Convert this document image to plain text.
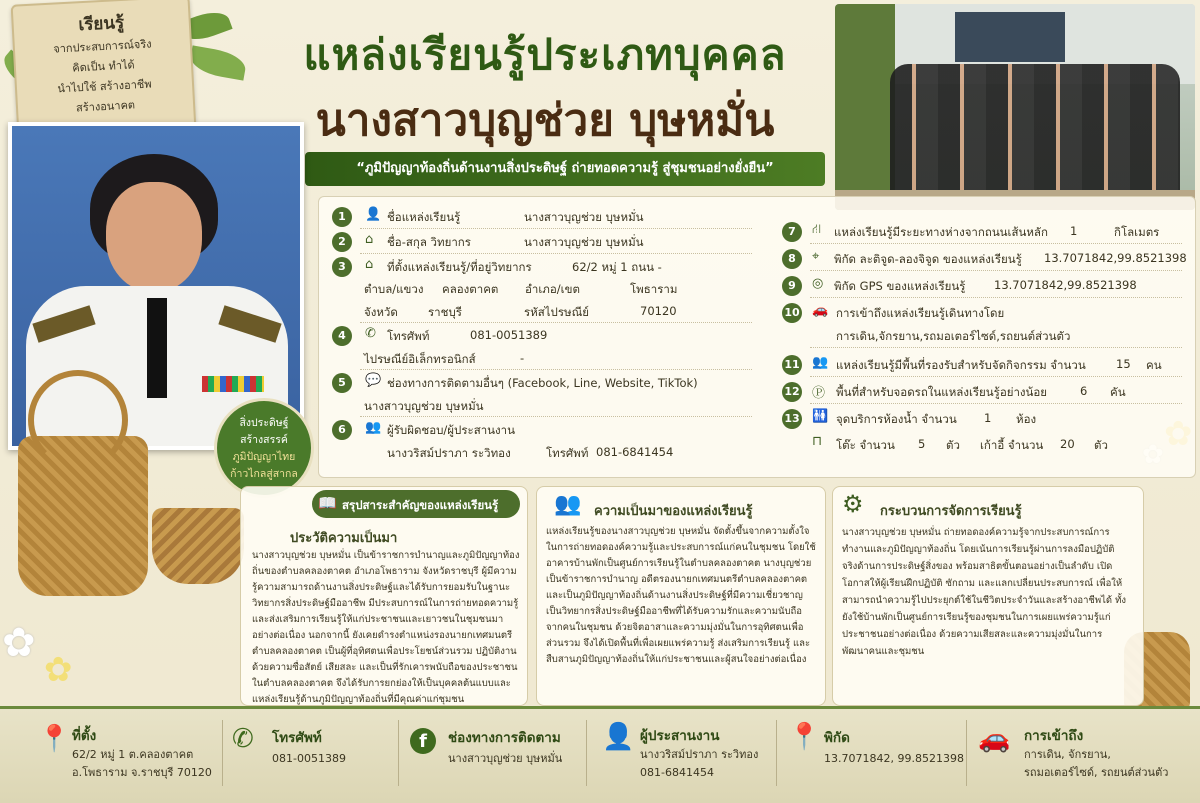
เรียนรู้
จากประสบการณ์จริง
คิดเป็น ทำได้
นำไปใช้ สร้างอาชีพ
สร้างอนาคต
แหล่งเรียนรู้ประเภทบุคคล
นางสาวบุญช่วย บุษหมั่น
“ภูมิปัญญาท้องถิ่นด้านงานสิ่งประดิษฐ์ ถ่ายทอดความรู้ สู่ชุมชนอย่างยั่งยืน”
✿
✿
สิ่งประดิษฐ์
สร้างสรรค์
ภูมิปัญญาไทย
ก้าวไกลสู่สากล
1	👤 ชื่อแหล่งเรียนรู้	นางสาวบุญช่วย บุษหมั่น
2	⌂ ชื่อ-สกุล วิทยากร	นางสาวบุญช่วย บุษหมั่น
3	⌂ ที่ตั้งแหล่งเรียนรู้/ที่อยู่วิทยากร	62/2 หมู่ 1 ถนน -
ตำบล/แขวง คลองตาคต อำเภอ/เขต	โพธาราม
จังหวัด	ราชบุรี	รหัสไปรษณีย์	70120
4	✆ โทรศัพท์	081-0051389
ไปรษณีย์อิเล็กทรอนิกส์	-
5	💬 ช่องทางการติดตามอื่นๆ (Facebook, Line, Website, TikTok)
นางสาวบุญช่วย บุษหมั่น
6	👥 ผู้รับผิดชอบ/ผู้ประสานงาน
นางวริสม์ปราภา ระวิทอง	โทรศัพท์ 081-6841454
7	⛙ แหล่งเรียนรู้มีระยะทางห่างจากถนนเส้นหลัก 1	กิโลเมตร
8	⌖ พิกัด ละติจูด-ลองจิจูด ของแหล่งเรียนรู้ 13.7071842,99.8521398
9	◎ พิกัด GPS ของแหล่งเรียนรู้ 13.7071842,99.8521398
10 🚗 การเข้าถึงแหล่งเรียนรู้เดินทางโดย
การเดิน,จักรยาน,รถมอเตอร์ไซด์,รถยนต์ส่วนตัว
11 👥 แหล่งเรียนรู้มีพื้นที่รองรับสำหรับจัดกิจกรรม จำนวน	15 คน
12 Ⓟ พื้นที่สำหรับจอดรถในแหล่งเรียนรู้อย่างน้อย	6 คัน
13 🚻 จุดบริการห้องน้ำ จำนวน 1 ห้อง
⊓ โต๊ะ จำนวน 5 ตัว เก้าอี้ จำนวน 20 ตัว
📖 สรุปสาระสำคัญของแหล่งเรียนรู้
ประวัติความเป็นมา
นางสาวบุญช่วย บุษหมั่น เป็นข้าราชการบำนาญและภูมิปัญญาท้องถิ่นของตำบลคลองตาคต อำเภอโพธาราม จังหวัดราชบุรี ผู้มีความรู้ความสามารถด้านงานสิ่งประดิษฐ์และได้รับการยอมรับในฐานะวิทยากรสิ่งประดิษฐ์มืออาชีพ มีประสบการณ์ในการถ่ายทอดความรู้และส่งเสริมการเรียนรู้ให้แก่ประชาชนและเยาวชนในชุมชนมาอย่างต่อเนื่อง นอกจากนี้ ยังเคยดำรงตำแหน่งรองนายกเทศมนตรีตำบลคลองตาคต เป็นผู้ที่อุทิศตนเพื่อประโยชน์ส่วนรวม ปฏิบัติงานด้วยความซื่อสัตย์ เสียสละ และเป็นที่รักเคารพนับถือของประชาชนในตำบลคลองตาคต จึงได้รับการยกย่องให้เป็นบุคคลต้นแบบและแหล่งเรียนรู้ด้านภูมิปัญญาท้องถิ่นที่มีคุณค่าแก่ชุมชน
👥 ความเป็นมาของแหล่งเรียนรู้
แหล่งเรียนรู้ของนางสาวบุญช่วย บุษหมั่น จัดตั้งขึ้นจากความตั้งใจในการถ่ายทอดองค์ความรู้และประสบการณ์แก่คนในชุมชน โดยใช้อาคารบ้านพักเป็นศูนย์การเรียนรู้ในตำบลคลองตาคต นางบุญช่วยเป็นข้าราชการบำนาญ อดีตรองนายกเทศมนตรีตำบลคลองตาคต และเป็นภูมิปัญญาท้องถิ่นด้านงานสิ่งประดิษฐ์ที่มีความเชี่ยวชาญ เป็นวิทยากรสิ่งประดิษฐ์มืออาชีพที่ได้รับความรักและความนับถือจากคนในชุมชน ด้วยจิตอาสาและความมุ่งมั่นในการอุทิศตนเพื่อส่วนรวม จึงได้เปิดพื้นที่เพื่อเผยแพร่ความรู้ ส่งเสริมการเรียนรู้ และสืบสานภูมิปัญญาท้องถิ่นให้แก่ประชาชนและผู้สนใจอย่างต่อเนื่อง
⚙ กระบวนการจัดการเรียนรู้
นางสาวบุญช่วย บุษหมั่น ถ่ายทอดองค์ความรู้จากประสบการณ์การทำงานและภูมิปัญญาท้องถิ่น โดยเน้นการเรียนรู้ผ่านการลงมือปฏิบัติจริงด้านการประดิษฐ์สิ่งของ พร้อมสาธิตขั้นตอนอย่างเป็นลำดับ เปิดโอกาสให้ผู้เรียนฝึกปฏิบัติ ซักถาม และแลกเปลี่ยนประสบการณ์ เพื่อให้สามารถนำความรู้ไปประยุกต์ใช้ในชีวิตประจำวันและสร้างอาชีพได้ ทั้งยังใช้บ้านพักเป็นศูนย์การเรียนรู้ของชุมชนในการเผยแพร่ความรู้แก่ประชาชนอย่างต่อเนื่อง ด้วยความเสียสละและความมุ่งมั่นในการพัฒนาคนและชุมชน
📍 ที่ตั้ง
62/2 หมู่ 1 ต.คลองตาคต
อ.โพธาราม จ.ราชบุรี 70120
✆ โทรศัพท์
081-0051389
f	ช่องทางการติดตาม
นางสาวบุญช่วย บุษหมั่น
👤 ผู้ประสานงาน
นางวริสม์ปราภา ระวิทอง
081-6841454
📍 พิกัด
13.7071842, 99.8521398
🚗 การเข้าถึง
การเดิน, จักรยาน,
รถมอเตอร์ไซด์, รถยนต์ส่วนตัว
